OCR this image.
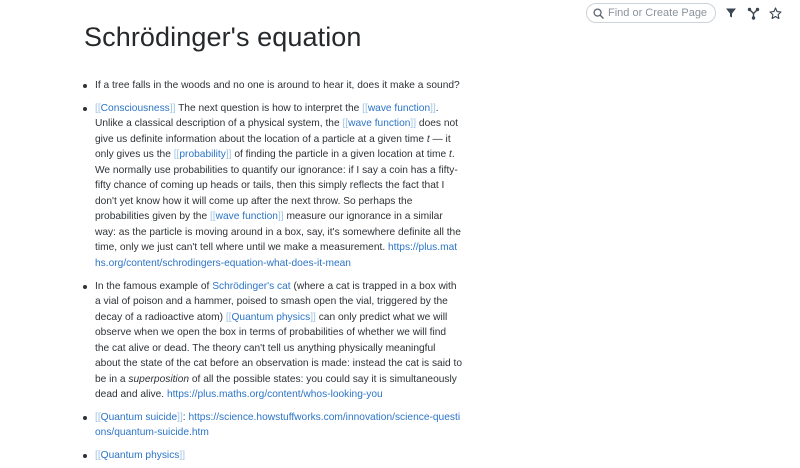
Find or Create Page
Schrödinger's equation
If a tree falls in the woods and no one is around to hear it, does it make a sound?
[[Consciousness]] The next question is how to interpret the [[wave function]]. Unlike a classical description of a physical system, the [[wave function]] does not give us definite information about the location of a particle at a given time t — it only gives us the [[probability]] of finding the particle in a given location at time t. We normally use probabilities to quantify our ignorance: if I say a coin has a fifty-fifty chance of coming up heads or tails, then this simply reflects the fact that I don't yet know how it will come up after the next throw. So perhaps the probabilities given by the [[wave function]] measure our ignorance in a similar way: as the particle is moving around in a box, say, it's somewhere definite all the time, only we just can't tell where until we make a measurement. https://plus.maths.org/content/schrodingers-equation-what-does-it-mean
In the famous example of Schrödinger's cat (where a cat is trapped in a box with a vial of poison and a hammer, poised to smash open the vial, triggered by the decay of a radioactive atom) [[Quantum physics]] can only predict what we will observe when we open the box in terms of probabilities of whether we will find the cat alive or dead. The theory can't tell us anything physically meaningful about the state of the cat before an observation is made: instead the cat is said to be in a superposition of all the possible states: you could say it is simultaneously dead and alive. https://plus.maths.org/content/whos-looking-you
[[Quantum suicide]]: https://science.howstuffworks.com/innovation/science-questions/quantum-suicide.htm
[[Quantum physics]]
